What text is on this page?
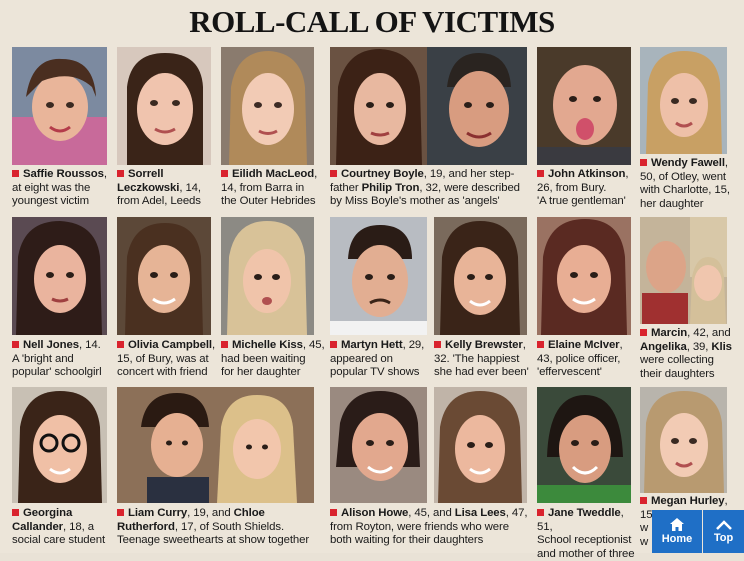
ROLL-CALL OF VICTIMS
Saffie Roussos,
at eight was the
youngest victim
Sorrell
Leczkowski, 14,
from Adel, Leeds
Eilidh MacLeod,
14, from Barra in
the Outer Hebrides
Courtney Boyle, 19, and her step-
father Philip Tron, 32, were described
by Miss Boyle's mother as 'angels'
John Atkinson,
26, from Bury.
'A true gentleman'
Wendy Fawell,
50, of Otley, went
with Charlotte, 15,
her daughter
Nell Jones, 14.
A 'bright and
popular' schoolgirl
Olivia Campbell,
15, of Bury, was at
concert with friend
Michelle Kiss, 45,
had been waiting
for her daughter
Martyn Hett, 29,
appeared on
popular TV shows
Kelly Brewster,
32. 'The happiest
she had ever been'
Elaine McIver,
43, police officer,
'effervescent'
Marcin, 42, and
Angelika, 39, Klis
were collecting
their daughters
Georgina
Callander, 18, a
social care student
Liam Curry, 19, and Chloe
Rutherford, 17, of South Shields.
Teenage sweethearts at show together
Alison Howe, 45, and Lisa Lees, 47,
from Royton, were friends who were
both waiting for their daughters
Jane Tweddle, 51,
School receptionist
and mother of three
Megan Hurley, 15
w
w	Home Top
